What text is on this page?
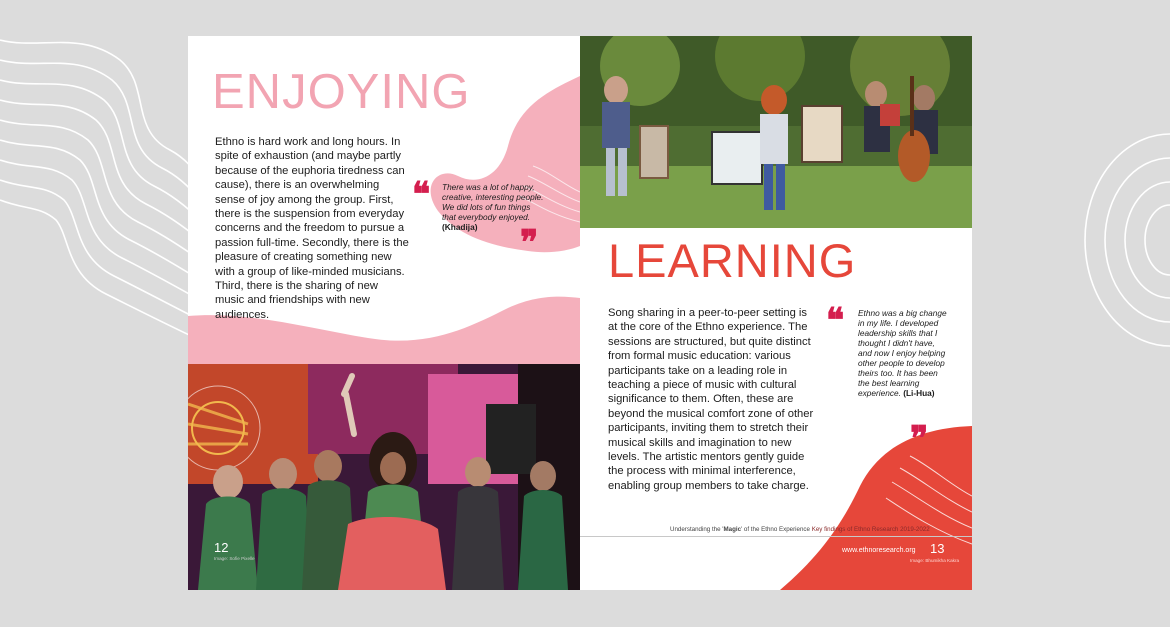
ENJOYING

Ethno is hard work and long hours. In spite of exhaustion (and maybe partly because of the euphoria tiredness can cause), there is an overwhelming sense of joy among the group. First, there is the suspension from everyday concerns and the freedom to pursue a passion full-time. Secondly, there is the pleasure of creating something new with a group of like-minded musicians. Third, there is the sharing of new music and friendships with new audiences.

❝ There was a lot of happy, creative, interesting people. We did lots of fun things that everybody enjoyed. (Khadija)	❞
12
Image: Sofie Pixelle
LEARNING

Song sharing in a peer-to-peer setting is at the core of the Ethno experience. The sessions are structured, but quite distinct from formal music education: various participants take on a leading role in teaching a piece of music with cultural significance to them. Often, these are beyond the musical comfort zone of other participants, inviting them to stretch their musical skills and imagination to new levels. The artistic mentors gently guide the process with minimal interference, enabling group members to take charge.

❝ Ethno was a big change in my life. I developed leadership skills that I thought I didn't have, and now I enjoy helping other people to develop theirs too. It has been the best learning experience. (Li-Hua)

❞
Understanding the 'Magic' of the Ethno Experience Key findings of Ethno Research 2019-2022
www.ethnoresearch.org 13
Image: Bhumikha Kakra
